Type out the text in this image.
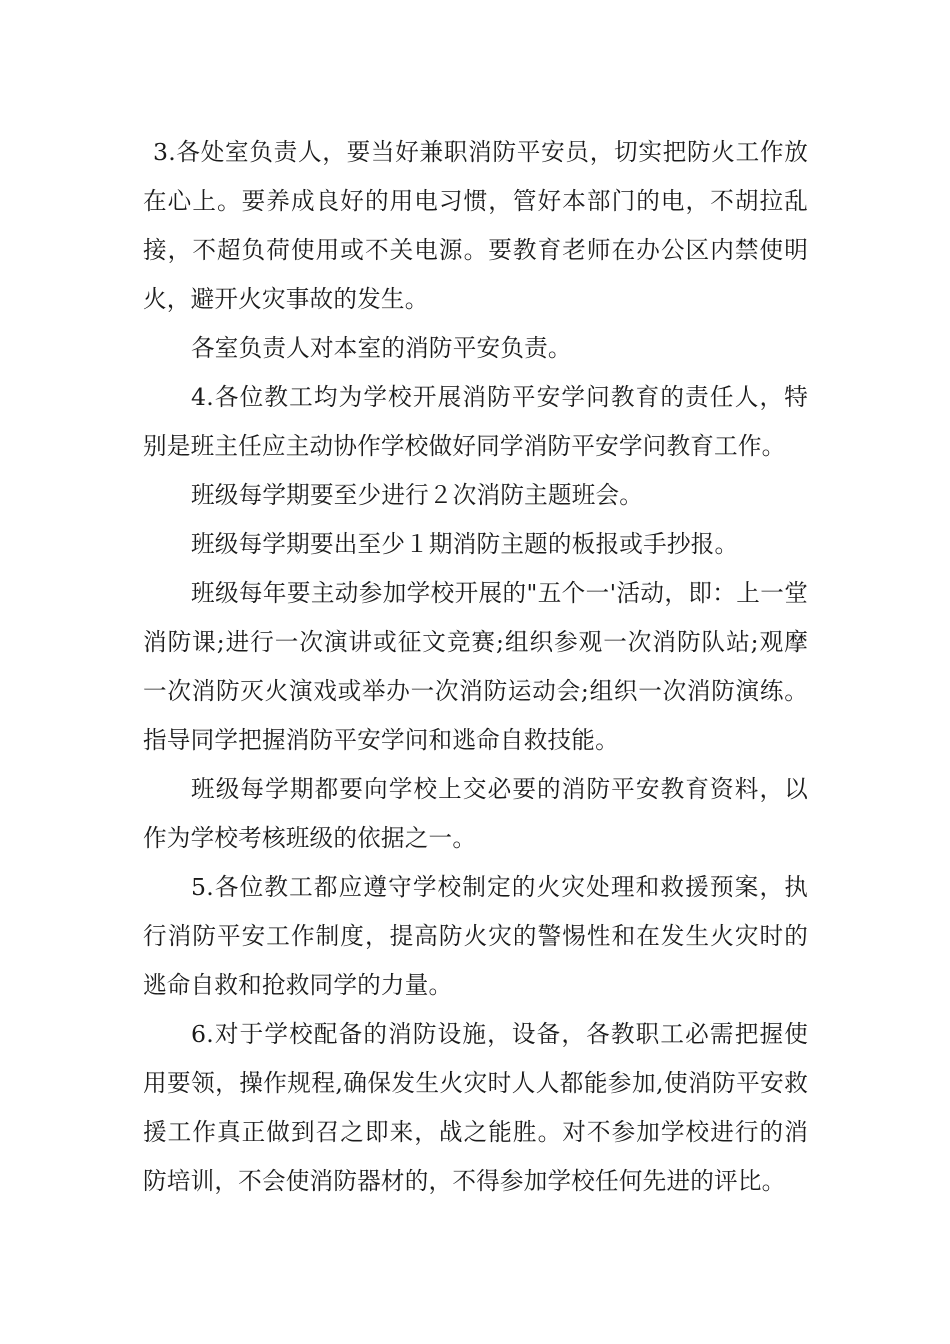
3.各处室负责人，要当好兼职消防平安员，切实把防火工作放在心上。要养成良好的用电习惯，管好本部门的电，不胡拉乱接，不超负荷使用或不关电源。要教育老师在办公区内禁使明火，避开火灾事故的发生。

各室负责人对本室的消防平安负责。

4.各位教工均为学校开展消防平安学问教育的责任人，特别是班主任应主动协作学校做好同学消防平安学问教育工作。

班级每学期要至少进行２次消防主题班会。

班级每学期要出至少１期消防主题的板报或手抄报。

班级每年要主动参加学校开展的"五个一'活动，即：上一堂消防课;进行一次演讲或征文竞赛;组织参观一次消防队站;观摩一次消防灭火演戏或举办一次消防运动会;组织一次消防演练。指导同学把握消防平安学问和逃命自救技能。

班级每学期都要向学校上交必要的消防平安教育资料，以作为学校考核班级的依据之一。

5.各位教工都应遵守学校制定的火灾处理和救援预案，执行消防平安工作制度，提高防火灾的警惕性和在发生火灾时的逃命自救和抢救同学的力量。

6.对于学校配备的消防设施，设备，各教职工必需把握使用要领，操作规程,确保发生火灾时人人都能参加,使消防平安救援工作真正做到召之即来，战之能胜。对不参加学校进行的消防培训，不会使消防器材的，不得参加学校任何先进的评比。
